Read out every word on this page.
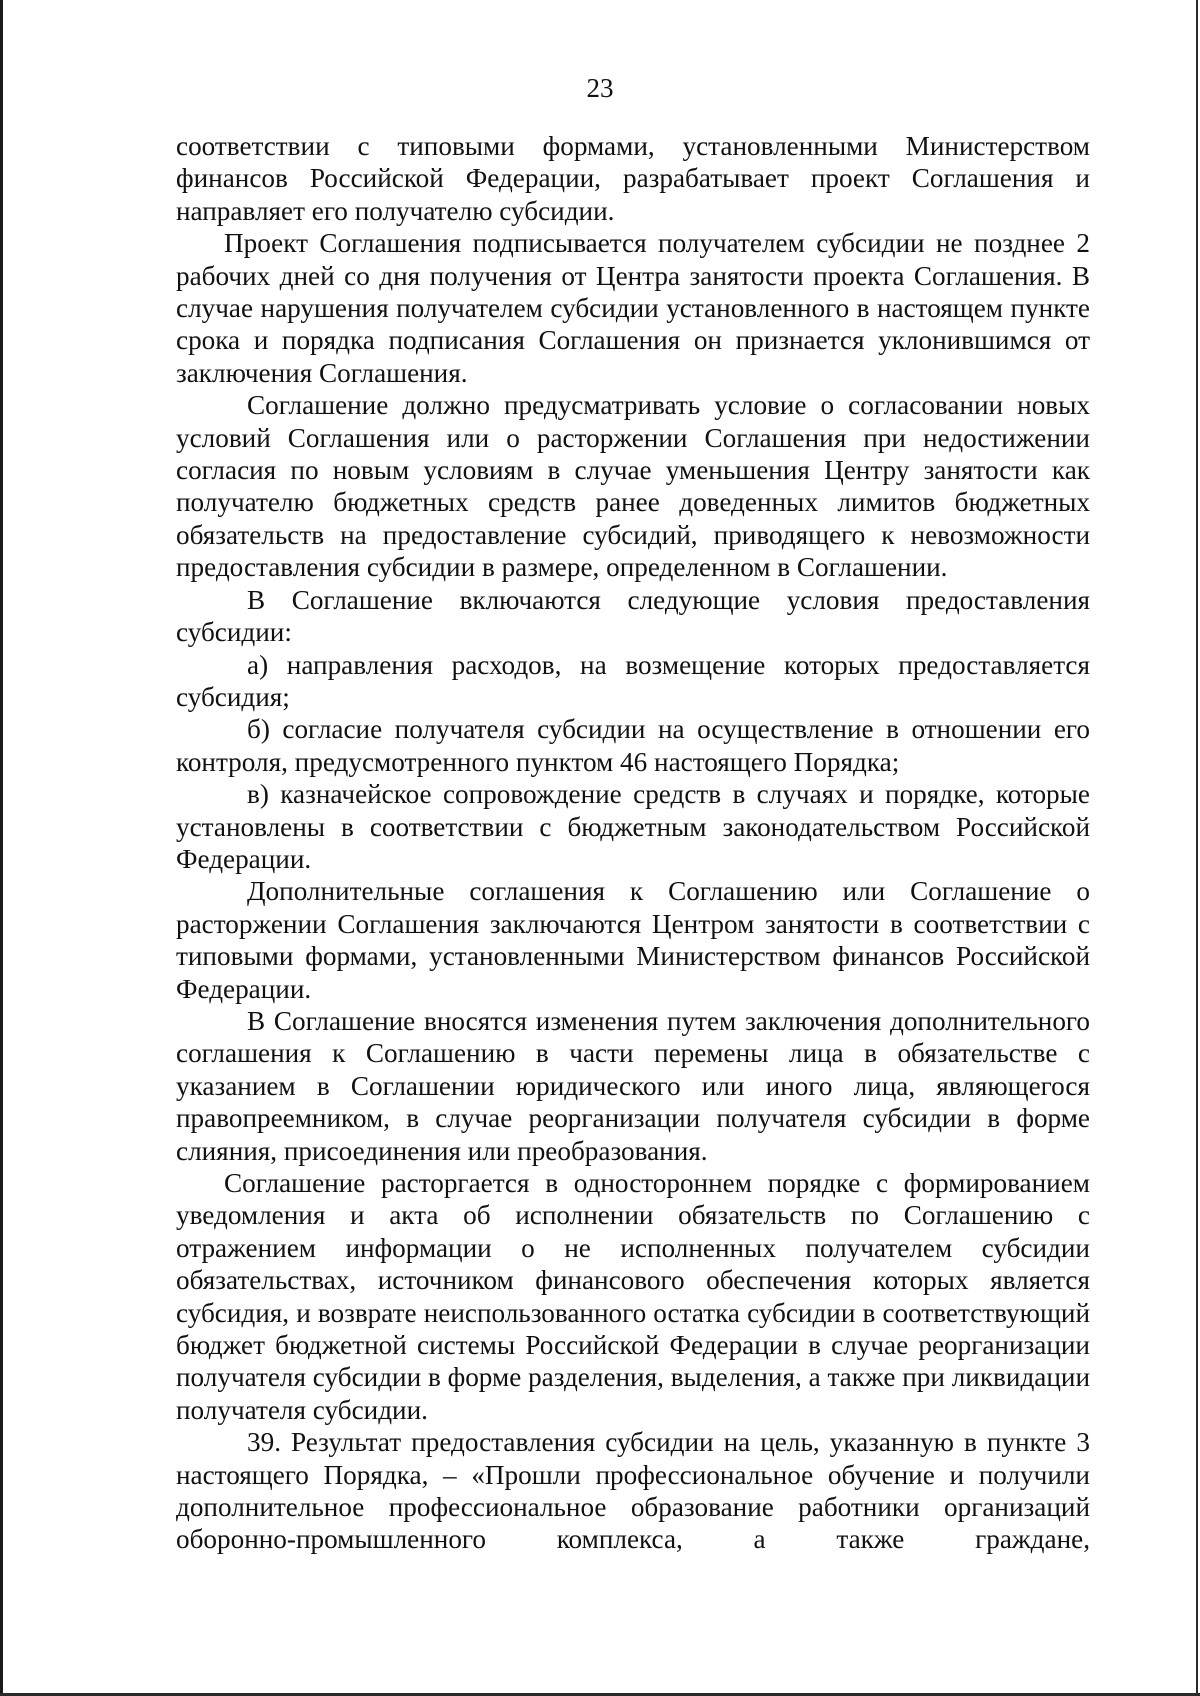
23

соответствии с типовыми формами, установленными Министерством финансов Российской Федерации, разрабатывает проект Соглашения и направляет его получателю субсидии.

Проект Соглашения подписывается получателем субсидии не позднее 2 рабочих дней со дня получения от Центра занятости проекта Соглашения. В случае нарушения получателем субсидии установленного в настоящем пункте срока и порядка подписания Соглашения он признается уклонившимся от заключения Соглашения.

Соглашение должно предусматривать условие о согласовании новых условий Соглашения или о расторжении Соглашения при недостижении согласия по новым условиям в случае уменьшения Центру занятости как получателю бюджетных средств ранее доведенных лимитов бюджетных обязательств на предоставление субсидий, приводящего к невозможности предоставления субсидии в размере, определенном в Соглашении.

В Соглашение включаются следующие условия предоставления субсидии:

а) направления расходов, на возмещение которых предоставляется субсидия;

б) согласие получателя субсидии на осуществление в отношении его контроля, предусмотренного пунктом 46 настоящего Порядка;

в) казначейское сопровождение средств в случаях и порядке, которые установлены в соответствии с бюджетным законодательством Российской Федерации.

Дополнительные соглашения к Соглашению или Соглашение о расторжении Соглашения заключаются Центром занятости в соответствии с типовыми формами, установленными Министерством финансов Российской Федерации.

В Соглашение вносятся изменения путем заключения дополнительного соглашения к Соглашению в части перемены лица в обязательстве с указанием в Соглашении юридического или иного лица, являющегося правопреемником, в случае реорганизации получателя субсидии в форме слияния, присоединения или преобразования.

Соглашение расторгается в одностороннем порядке с формированием уведомления и акта об исполнении обязательств по Соглашению с отражением информации о не исполненных получателем субсидии обязательствах, источником финансового обеспечения которых является субсидия, и возврате неиспользованного остатка субсидии в соответствующий бюджет бюджетной системы Российской Федерации в случае реорганизации получателя субсидии в форме разделения, выделения, а также при ликвидации получателя субсидии.

39. Результат предоставления субсидии на цель, указанную в пункте 3 настоящего Порядка, – «Прошли профессиональное обучение и получили дополнительное профессиональное образование работники организаций оборонно-промышленного комплекса, а также граждане,
